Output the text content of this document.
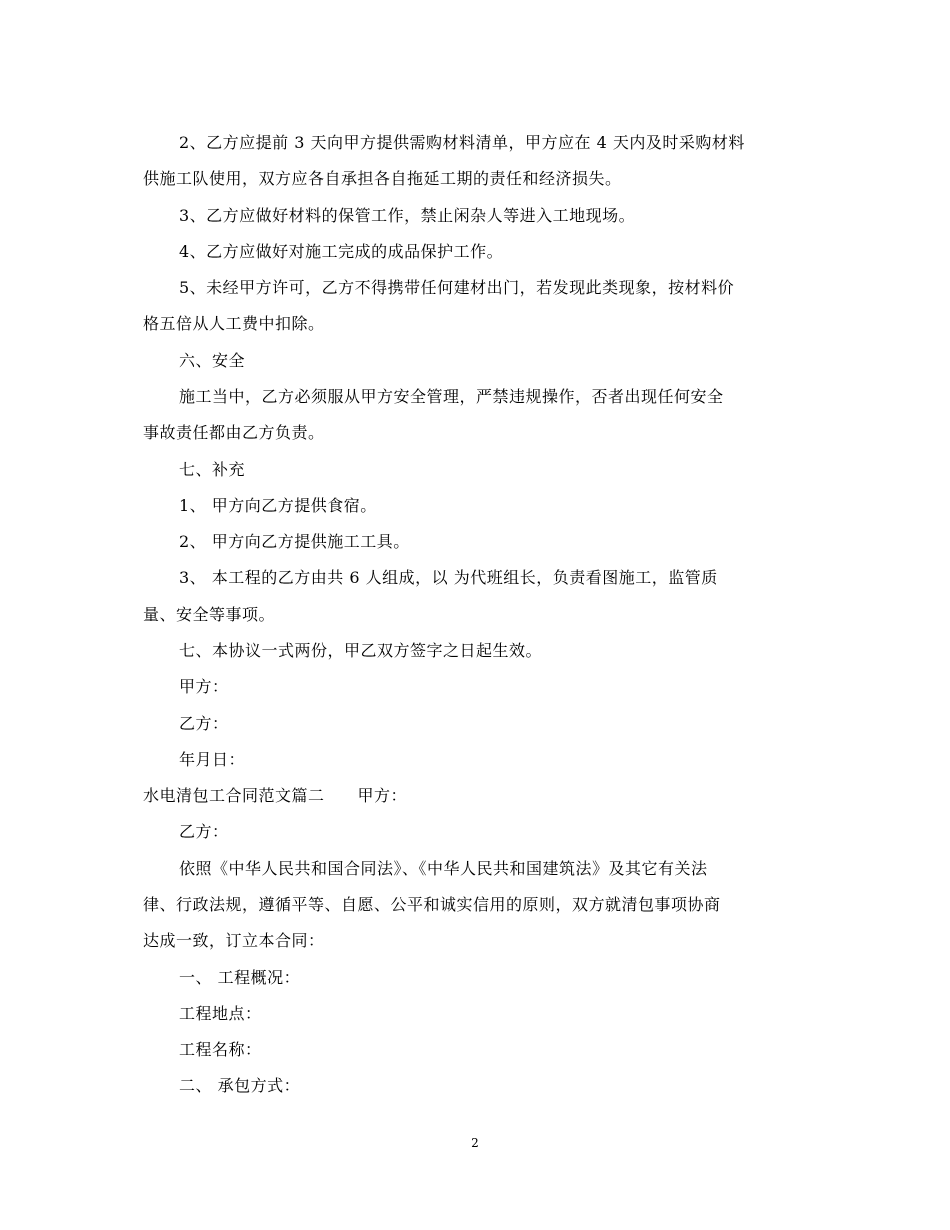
2、乙方应提前 3 天向甲方提供需购材料清单，甲方应在 4 天内及时采购材料
供施工队使用，双方应各自承担各自拖延工期的责任和经济损失。
3、乙方应做好材料的保管工作，禁止闲杂人等进入工地现场。
4、乙方应做好对施工完成的成品保护工作。
5、未经甲方许可，乙方不得携带任何建材出门，若发现此类现象，按材料价
格五倍从人工费中扣除。
六、安全
施工当中，乙方必须服从甲方安全管理，严禁违规操作，否者出现任何安全
事故责任都由乙方负责。
七、补充
1、 甲方向乙方提供食宿。
2、 甲方向乙方提供施工工具。
3、 本工程的乙方由共 6 人组成，以 为代班组长，负责看图施工，监管质
量、安全等事项。
七、本协议一式两份，甲乙双方签字之日起生效。
甲方：
乙方：
年月日：
水电清包工合同范文篇二　　甲方：
乙方：
依照《中华人民共和国合同法》、《中华人民共和国建筑法》及其它有关法
律、行政法规，遵循平等、自愿、公平和诚实信用的原则，双方就清包事项协商
达成一致，订立本合同：
一、 工程概况：
工程地点：
工程名称：
二、 承包方式：
2
